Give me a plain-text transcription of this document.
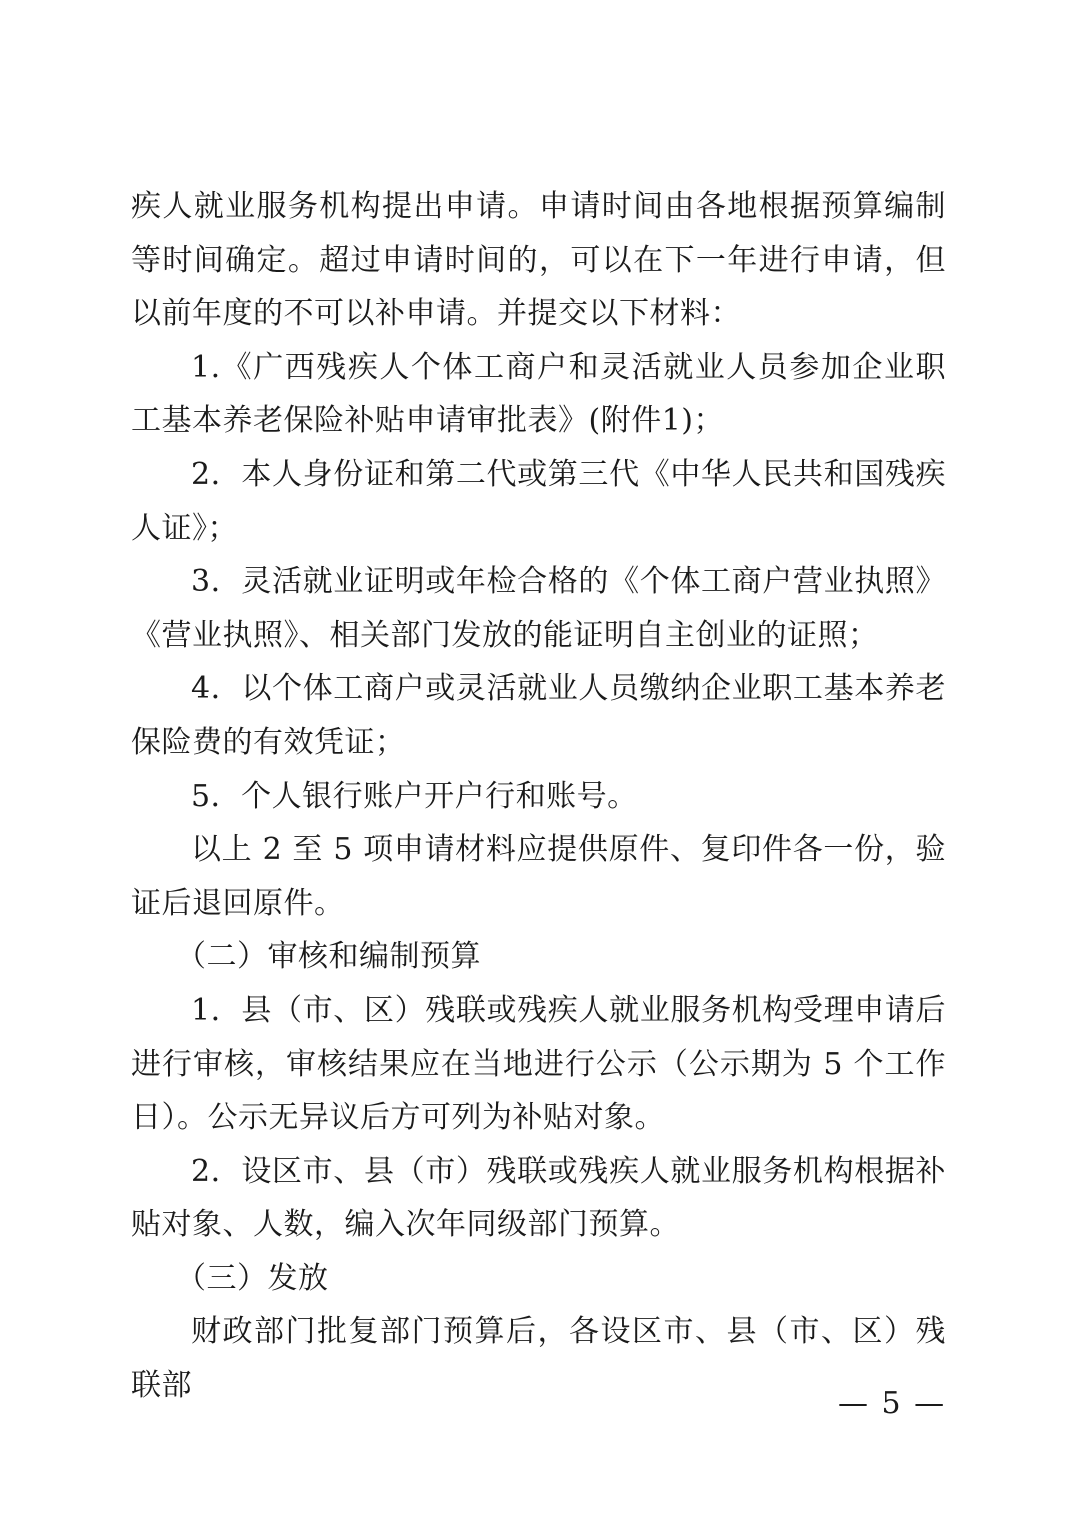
疾人就业服务机构提出申请。申请时间由各地根据预算编制等时间确定。超过申请时间的，可以在下一年进行申请，但以前年度的不可以补申请。并提交以下材料：

1.《广西残疾人个体工商户和灵活就业人员参加企业职工基本养老保险补贴申请审批表》(附件1)；

2．本人身份证和第二代或第三代《中华人民共和国残疾人证》；

3．灵活就业证明或年检合格的《个体工商户营业执照》《营业执照》、相关部门发放的能证明自主创业的证照；

4．以个体工商户或灵活就业人员缴纳企业职工基本养老保险费的有效凭证；

5．个人银行账户开户行和账号。

以上 2 至 5 项申请材料应提供原件、复印件各一份，验证后退回原件。

（二）审核和编制预算

1．县（市、区）残联或残疾人就业服务机构受理申请后进行审核，审核结果应在当地进行公示（公示期为 5 个工作日）。公示无异议后方可列为补贴对象。

2．设区市、县（市）残联或残疾人就业服务机构根据补贴对象、人数，编入次年同级部门预算。

（三）发放

财政部门批复部门预算后，各设区市、县（市、区）残联部

— 5 —
